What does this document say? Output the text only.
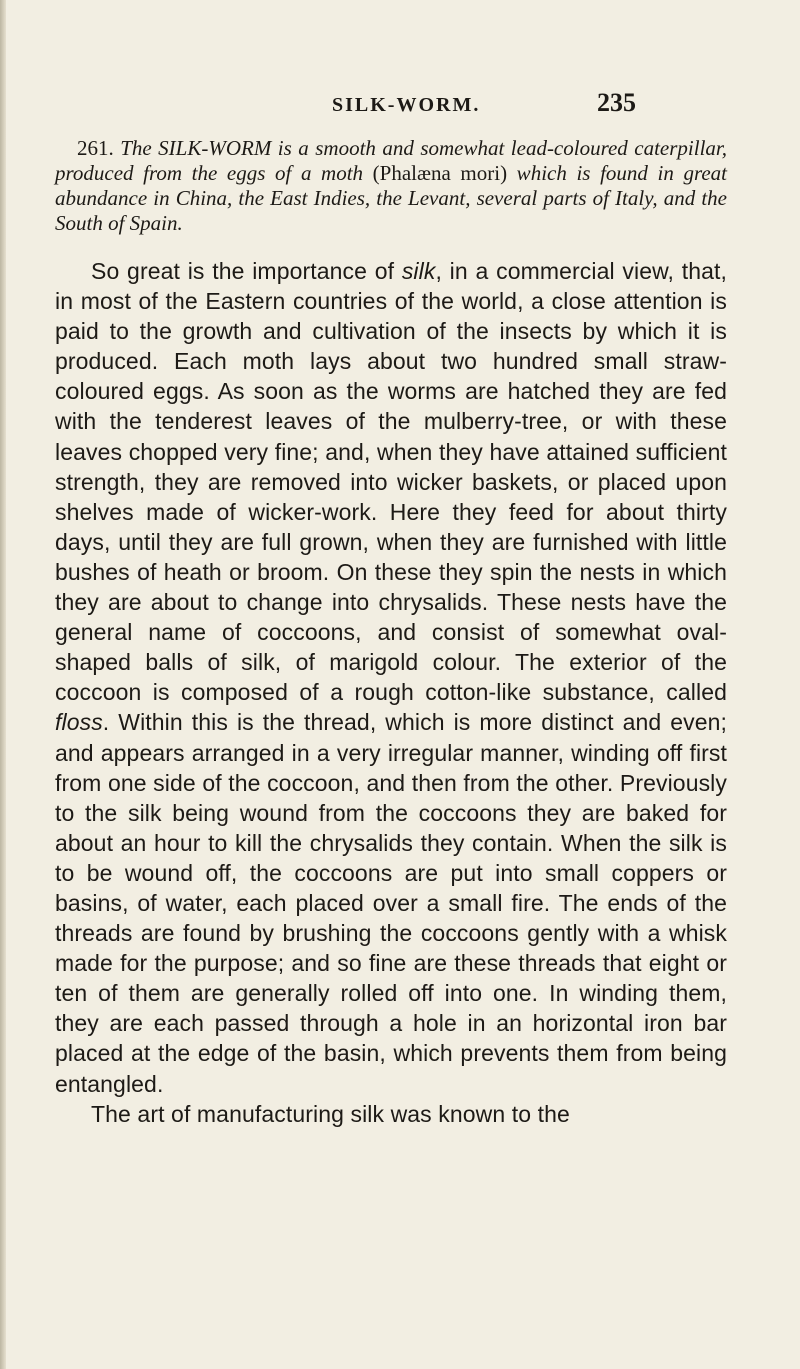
SILK-WORM.	235

261. The SILK-WORM is a smooth and somewhat lead-coloured caterpillar, produced from the eggs of a moth (Phalæna mori) which is found in great abundance in China, the East Indies, the Levant, several parts of Italy, and the South of Spain.

So great is the importance of silk, in a commercial view, that, in most of the Eastern countries of the world, a close attention is paid to the growth and cultivation of the insects by which it is produced. Each moth lays about two hundred small straw-coloured eggs. As soon as the worms are hatched they are fed with the tenderest leaves of the mulberry-tree, or with these leaves chopped very fine; and, when they have attained sufficient strength, they are removed into wicker baskets, or placed upon shelves made of wicker-work. Here they feed for about thirty days, until they are full grown, when they are furnished with little bushes of heath or broom. On these they spin the nests in which they are about to change into chrysalids. These nests have the general name of coccoons, and consist of somewhat oval-shaped balls of silk, of marigold colour. The exterior of the coccoon is composed of a rough cotton-like substance, called floss. Within this is the thread, which is more distinct and even; and appears arranged in a very irregular manner, winding off first from one side of the coccoon, and then from the other. Previously to the silk being wound from the coccoons they are baked for about an hour to kill the chrysalids they contain. When the silk is to be wound off, the coccoons are put into small coppers or basins, of water, each placed over a small fire. The ends of the threads are found by brushing the coccoons gently with a whisk made for the purpose; and so fine are these threads that eight or ten of them are generally rolled off into one. In winding them, they are each passed through a hole in an horizontal iron bar placed at the edge of the basin, which prevents them from being entangled.

The art of manufacturing silk was known to the
